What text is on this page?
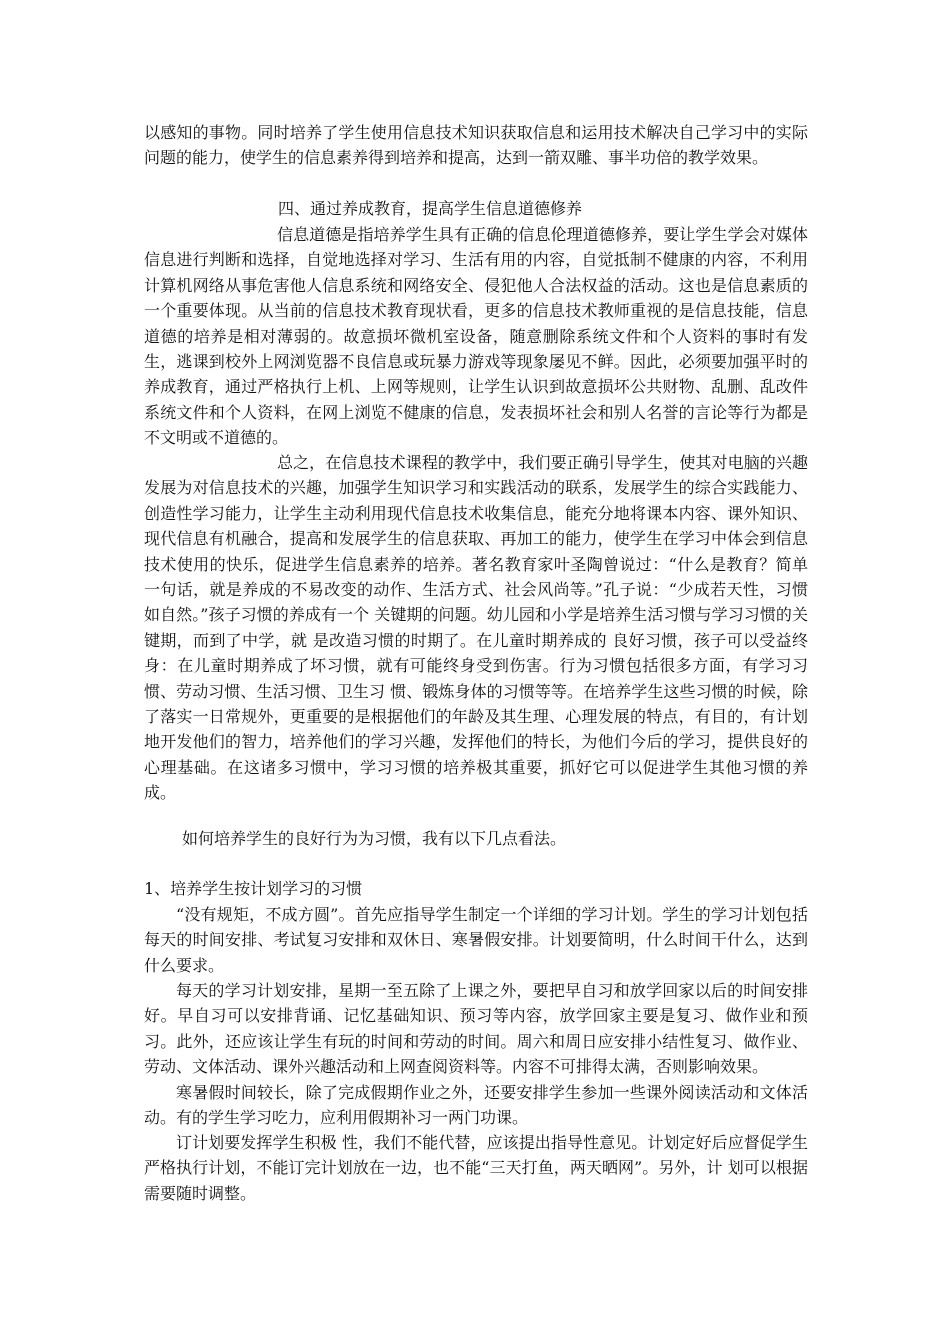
以感知的事物。同时培养了学生使用信息技术知识获取信息和运用技术解决自己学习中的实际问题的能力，使学生的信息素养得到培养和提高，达到一箭双雕、事半功倍的教学效果。

四、通过养成教育，提高学生信息道德修养

信息道德是指培养学生具有正确的信息伦理道德修养，要让学生学会对媒体信息进行判断和选择，自觉地选择对学习、生活有用的内容，自觉抵制不健康的内容，不利用计算机网络从事危害他人信息系统和网络安全、侵犯他人合法权益的活动。这也是信息素质的一个重要体现。从当前的信息技术教育现状看，更多的信息技术教师重视的是信息技能，信息道德的培养是相对薄弱的。故意损坏微机室设备，随意删除系统文件和个人资料的事时有发生，逃课到校外上网浏览器不良信息或玩暴力游戏等现象屡见不鲜。因此，必须要加强平时的养成教育，通过严格执行上机、上网等规则，让学生认识到故意损坏公共财物、乱删、乱改件系统文件和个人资料，在网上浏览不健康的信息，发表损坏社会和别人名誉的言论等行为都是不文明或不道德的。

总之，在信息技术课程的教学中，我们要正确引导学生，使其对电脑的兴趣发展为对信息技术的兴趣，加强学生知识学习和实践活动的联系，发展学生的综合实践能力、创造性学习能力，让学生主动利用现代信息技术收集信息，能充分地将课本内容、课外知识、现代信息有机融合，提高和发展学生的信息获取、再加工的能力，使学生在学习中体会到信息技术使用的快乐，促进学生信息素养的培养。著名教育家叶圣陶曾说过：“什么是教育？简单一句话，就是养成的不易改变的动作、生活方式、社会风尚等。”孔子说：“少成若天性，习惯如自然。”孩子习惯的养成有一个 关键期的问题。幼儿园和小学是培养生活习惯与学习习惯的关键期，而到了中学，就 是改造习惯的时期了。在儿童时期养成的 良好习惯，孩子可以受益终身：在儿童时期养成了坏习惯，就有可能终身受到伤害。行为习惯包括很多方面，有学习习惯、劳动习惯、生活习惯、卫生习 惯、锻炼身体的习惯等等。在培养学生这些习惯的时候，除了落实一日常规外，更重要的是根据他们的年龄及其生理、心理发展的特点，有目的，有计划地开发他们的智力，培养他们的学习兴趣，发挥他们的特长，为他们今后的学习，提供良好的心理基础。在这诸多习惯中，学习习惯的培养极其重要，抓好它可以促进学生其他习惯的养成。

如何培养学生的良好行为为习惯，我有以下几点看法。

1、培养学生按计划学习的习惯

“没有规矩，不成方圆”。首先应指导学生制定一个详细的学习计划。学生的学习计划包括每天的时间安排、考试复习安排和双休日、寒暑假安排。计划要简明，什么时间干什么，达到什么要求。

每天的学习计划安排，星期一至五除了上课之外，要把早自习和放学回家以后的时间安排好。早自习可以安排背诵、记忆基础知识、预习等内容，放学回家主要是复习、做作业和预习。此外，还应该让学生有玩的时间和劳动的时间。周六和周日应安排小结性复习、做作业、劳动、文体活动、课外兴趣活动和上网查阅资料等。内容不可排得太满，否则影响效果。

寒暑假时间较长，除了完成假期作业之外，还要安排学生参加一些课外阅读活动和文体活动。有的学生学习吃力，应利用假期补习一两门功课。

订计划要发挥学生积极 性，我们不能代替，应该提出指导性意见。计划定好后应督促学生严格执行计划，不能订完计划放在一边，也不能“三天打鱼，两天晒网”。另外，计 划可以根据需要随时调整。
